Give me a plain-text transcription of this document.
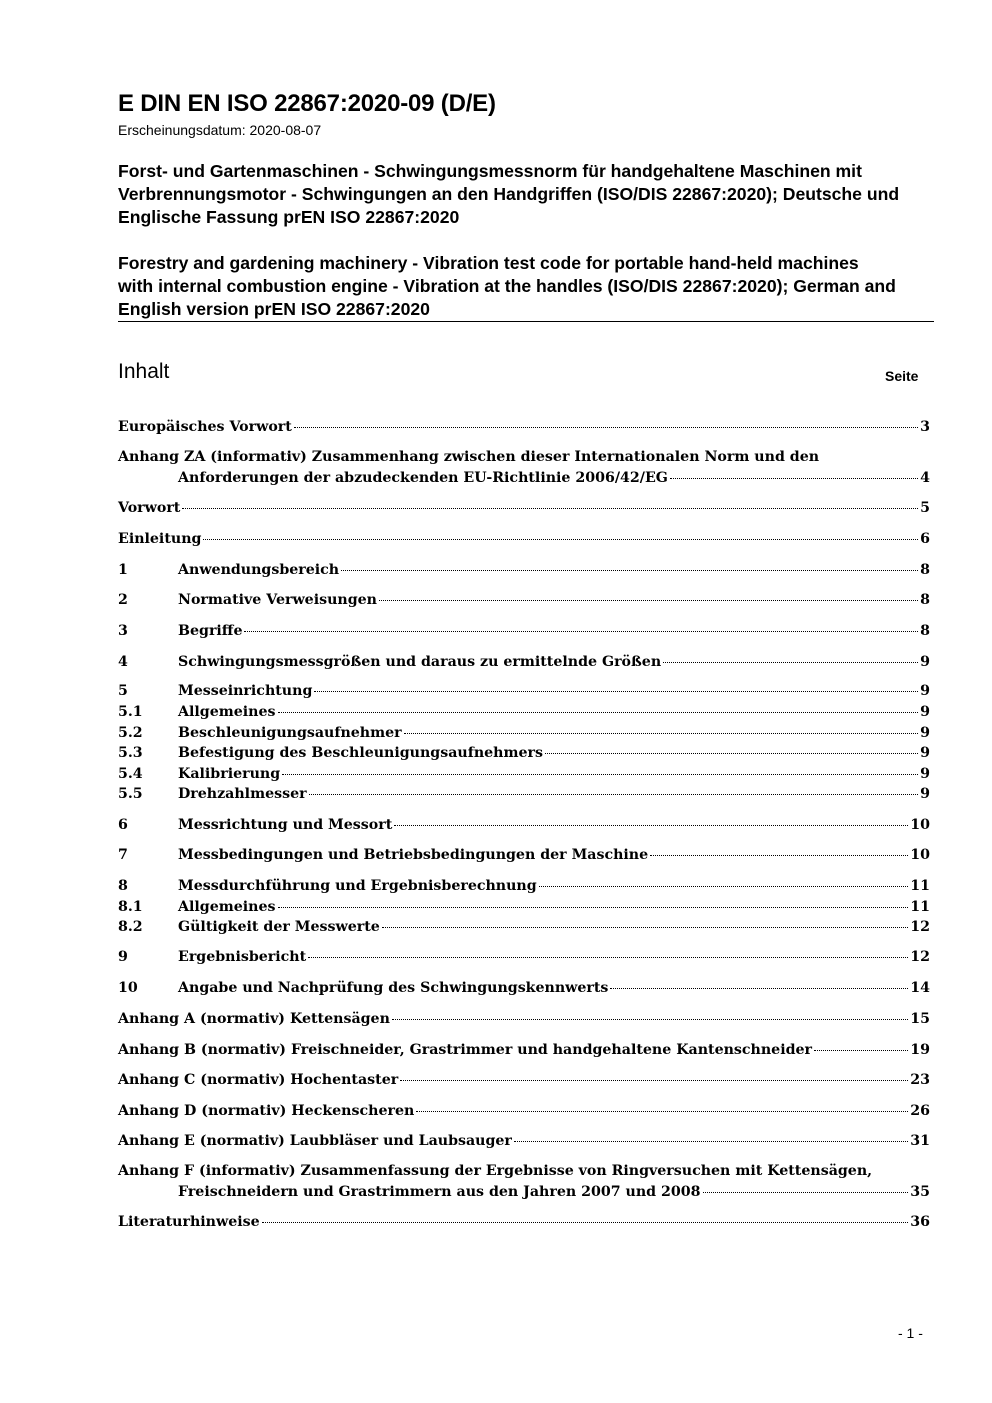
E DIN EN ISO 22867:2020-09 (D/E)
Erscheinungsdatum: 2020-08-07
Forst- und Gartenmaschinen - Schwingungsmessnorm für handgehaltene Maschinen mit Verbrennungsmotor - Schwingungen an den Handgriffen (ISO/DIS 22867:2020); Deutsche und Englische Fassung prEN ISO 22867:2020
Forestry and gardening machinery - Vibration test code for portable hand-held machines with internal combustion engine - Vibration at the handles (ISO/DIS 22867:2020); German and English version prEN ISO 22867:2020
Inhalt	Seite
Europäisches Vorwort	3
Anhang ZA (informativ) Zusammenhang zwischen dieser Internationalen Norm und den
Anforderungen der abzudeckenden EU-Richtlinie 2006/42/EG	4
Vorwort	5
Einleitung	6
1	Anwendungsbereich	8
2	Normative Verweisungen	8
3	Begriffe	8
4	Schwingungsmessgrößen und daraus zu ermittelnde Größen	9
5	Messeinrichtung	9
5.1	Allgemeines	9
5.2	Beschleunigungsaufnehmer	9
5.3	Befestigung des Beschleunigungsaufnehmers	9
5.4	Kalibrierung	9
5.5	Drehzahlmesser	9
6	Messrichtung und Messort	10
7	Messbedingungen und Betriebsbedingungen der Maschine	10
8	Messdurchführung und Ergebnisberechnung	11
8.1	Allgemeines	11
8.2	Gültigkeit der Messwerte	12
9	Ergebnisbericht	12
10	Angabe und Nachprüfung des Schwingungskennwerts	14
Anhang A (normativ) Kettensägen	15
Anhang B (normativ) Freischneider, Grastrimmer und handgehaltene Kantenschneider	19
Anhang C (normativ) Hochentaster	23
Anhang D (normativ) Heckenscheren	26
Anhang E (normativ) Laubbläser und Laubsauger	31
Anhang F (informativ) Zusammenfassung der Ergebnisse von Ringversuchen mit Kettensägen,
Freischneidern und Grastrimmern aus den Jahren 2007 und 2008	35
Literaturhinweise	36
- 1 -
